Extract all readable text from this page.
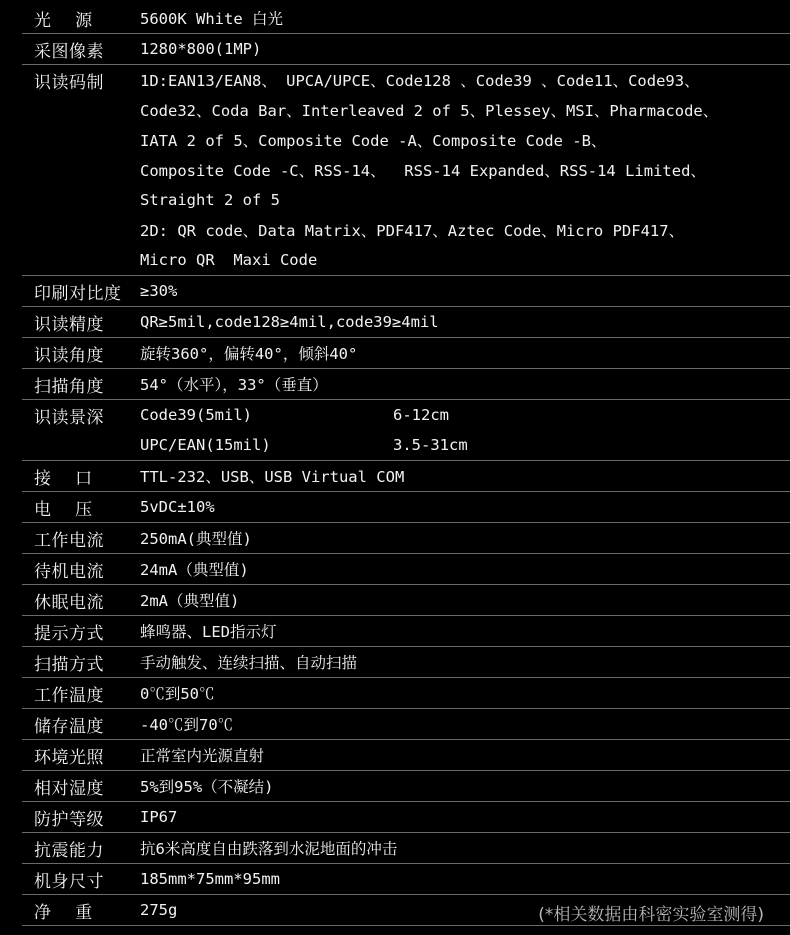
光    源	5600K White 白光
采图像素	1280*800(1MP)
识读码制	1D:EAN13/EAN8、 UPCA/UPCE、Code128 、Code39 、Code11、Code93、
Code32、Coda Bar、Interleaved 2 of 5、Plessey、MSI、Pharmacode、
IATA 2 of 5、Composite Code -A、Composite Code -B、
Composite Code -C、RSS-14、  RSS-14 Expanded、RSS-14 Limited、
Straight 2 of 5
2D: QR code、Data Matrix、PDF417、Aztec Code、Micro PDF417、
Micro QR  Maxi Code
印刷对比度	≥30%
识读精度	QR≥5mil,code128≥4mil,code39≥4mil
识读角度	旋转360°，偏转40°，倾斜40°
扫描角度	54°（水平），33°（垂直）
识读景深	Code39(5mil)	6-12cm
UPC/EAN(15mil)	3.5-31cm
接    口	TTL-232、USB、USB Virtual COM
电    压	5vDC±10%
工作电流	250mA(典型值)
待机电流	24mA（典型值)
休眠电流	2mA（典型值)
提示方式	蜂鸣器、LED指示灯
扫描方式	手动触发、连续扫描、自动扫描
工作温度	0℃到50℃
储存温度	-40℃到70℃
环境光照	正常室内光源直射
相对湿度	5%到95%（不凝结)
防护等级	IP67
抗震能力	抗6米高度自由跌落到水泥地面的冲击
机身尺寸	185mm*75mm*95mm
净    重	275g	(*相关数据由科密实验室测得)
